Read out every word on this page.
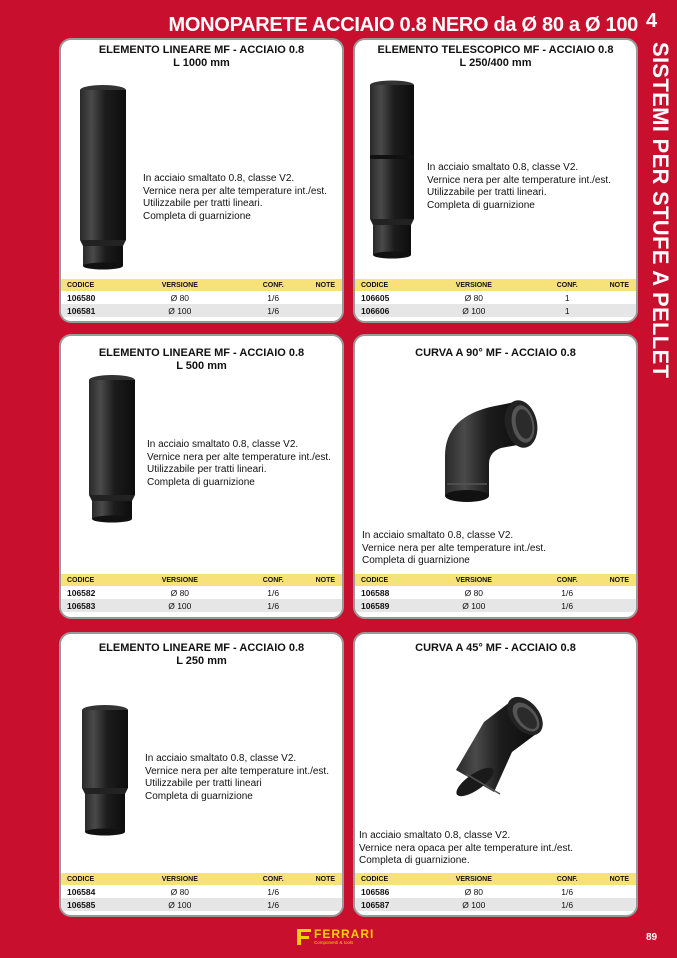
MONOPARETE ACCIAIO 0.8 NERO da Ø 80 a Ø 100 4
SISTEMI PER STUFE A PELLET
ELEMENTO LINEARE MF - ACCIAIO 0.8
L 1000 mm
In acciaio smaltato 0.8, classe V2.
Vernice nera per alte temperature int./est.
Utilizzabile per tratti lineari.
Completa di guarnizione
CODICE	VERSIONE	CONF.	NOTE
106580	Ø 80	1/6	
106581	Ø 100	1/6	
ELEMENTO TELESCOPICO MF - ACCIAIO 0.8
L 250/400 mm
In acciaio smaltato 0.8, classe V2.
Vernice nera per alte temperature int./est.
Utilizzabile per tratti lineari.
Completa di guarnizione
CODICE	VERSIONE	CONF.	NOTE
106605	Ø 80	1	
106606	Ø 100	1	
ELEMENTO LINEARE MF - ACCIAIO 0.8
L 500 mm
In acciaio smaltato 0.8, classe V2.
Vernice nera per alte temperature int./est.
Utilizzabile per tratti lineari.
Completa di guarnizione
CODICE	VERSIONE	CONF.	NOTE
106582	Ø 80	1/6	
106583	Ø 100	1/6	
CURVA A 90° MF - ACCIAIO 0.8
In acciaio smaltato 0.8, classe V2.
Vernice nera per alte temperature int./est.
Completa di guarnizione
CODICE	VERSIONE	CONF.	NOTE
106588	Ø 80	1/6	
106589	Ø 100	1/6	
ELEMENTO LINEARE MF - ACCIAIO 0.8
L 250 mm
In acciaio smaltato 0.8, classe V2.
Vernice nera per alte temperature int./est.
Utilizzabile per tratti lineari
Completa di guarnizione
CODICE	VERSIONE	CONF.	NOTE
106584	Ø 80	1/6	
106585	Ø 100	1/6	
CURVA A 45° MF - ACCIAIO 0.8
In acciaio smaltato 0.8, classe V2.
Vernice nera opaca per alte temperature int./est.
Completa di guarnizione.
CODICE	VERSIONE	CONF.	NOTE
106586	Ø 80	1/6	
106587	Ø 100	1/6	
FERRARI
Componenti & tools	89
